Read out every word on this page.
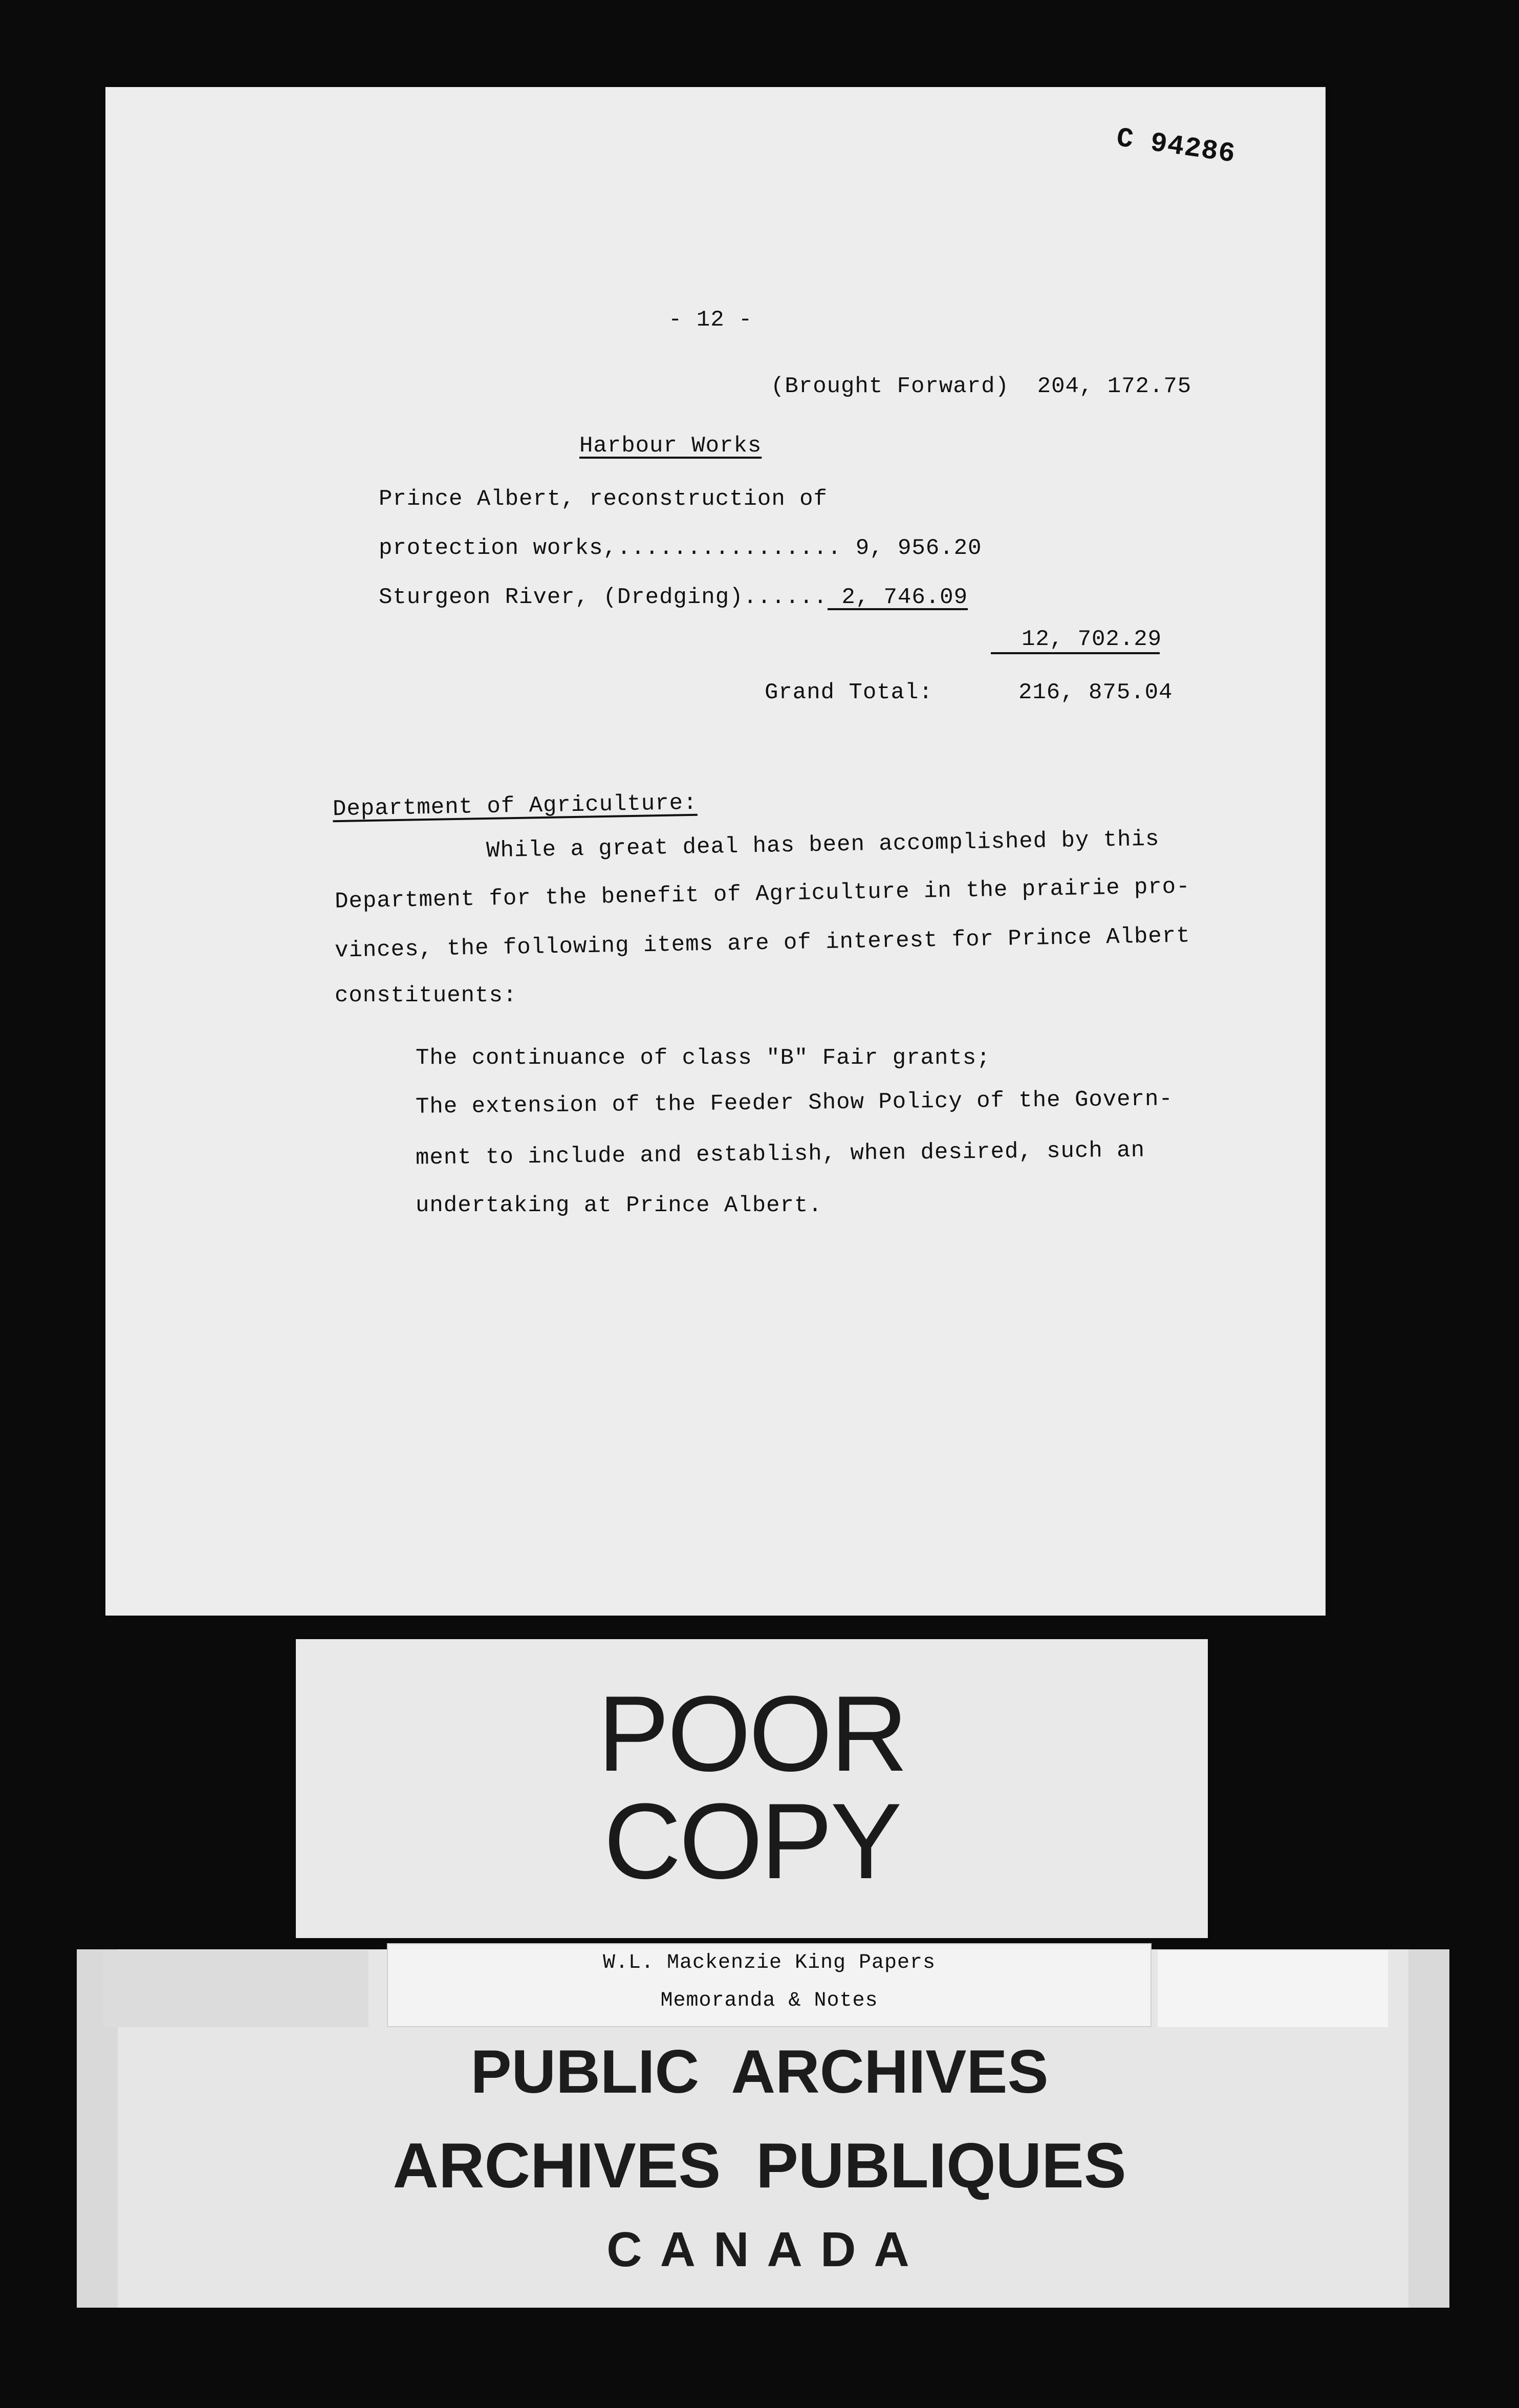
C 94286
- 12 -
(Brought Forward)  204, 172.75
Harbour Works
Prince Albert, reconstruction of
protection works,................ 9, 956.20
Sturgeon River, (Dredging)...... 2, 746.09
12, 702.29
Grand Total:	216, 875.04
Department of Agriculture:
While a great deal has been accomplished by this
Department for the benefit of Agriculture in the prairie pro-
vinces, the following items are of interest for Prince Albert
constituents:
The continuance of class "B" Fair grants;
The extension of the Feeder Show Policy of the Govern-
ment to include and establish, when desired, such an
undertaking at Prince Albert.
POOR
COPY
W.L. Mackenzie King Papers
Memoranda & Notes
PUBLIC  ARCHIVES
ARCHIVES  PUBLIQUES
C A N A D A
